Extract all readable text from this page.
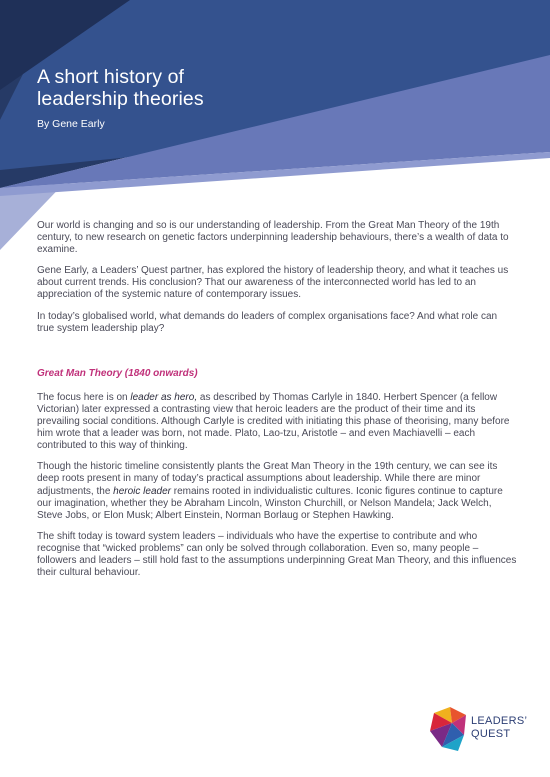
A short history of
leadership theories

By Gene Early

Our world is changing and so is our understanding of leadership. From the Great Man Theory of the 19th century, to new research on genetic factors underpinning leadership behaviours, there’s a wealth of data to examine.

Gene Early, a Leaders’ Quest partner, has explored the history of leadership theory, and what it teaches us about current trends. His conclusion? That our awareness of the interconnected world has led to an appreciation of the systemic nature of contemporary issues.

In today’s globalised world, what demands do leaders of complex organisations face? And what role can true system leadership play?

Great Man Theory (1840 onwards)

The focus here is on leader as hero, as described by Thomas Carlyle in 1840. Herbert Spencer (a fellow Victorian) later expressed a contrasting view that heroic leaders are the product of their time and its prevailing social conditions. Although Carlyle is credited with initiating this phase of theorising, many before him wrote that a leader was born, not made. Plato, Lao-tzu, Aristotle – and even Machiavelli – each contributed to this way of thinking.

Though the historic timeline consistently plants the Great Man Theory in the 19th century, we can see its deep roots present in many of today’s practical assumptions about leadership. While there are minor adjustments, the heroic leader remains rooted in individualistic cultures. Iconic figures continue to capture our imagination, whether they be Abraham Lincoln, Winston Churchill, or Nelson Mandela; Jack Welch, Steve Jobs, or Elon Musk; Albert Einstein, Norman Borlaug or Stephen Hawking.

The shift today is toward system leaders – individuals who have the expertise to contribute and who recognise that “wicked problems” can only be solved through collaboration. Even so, many people – followers and leaders – still hold fast to the assumptions underpinning Great Man Theory, and this influences their cultural behaviour.

LEADERS’
QUEST
